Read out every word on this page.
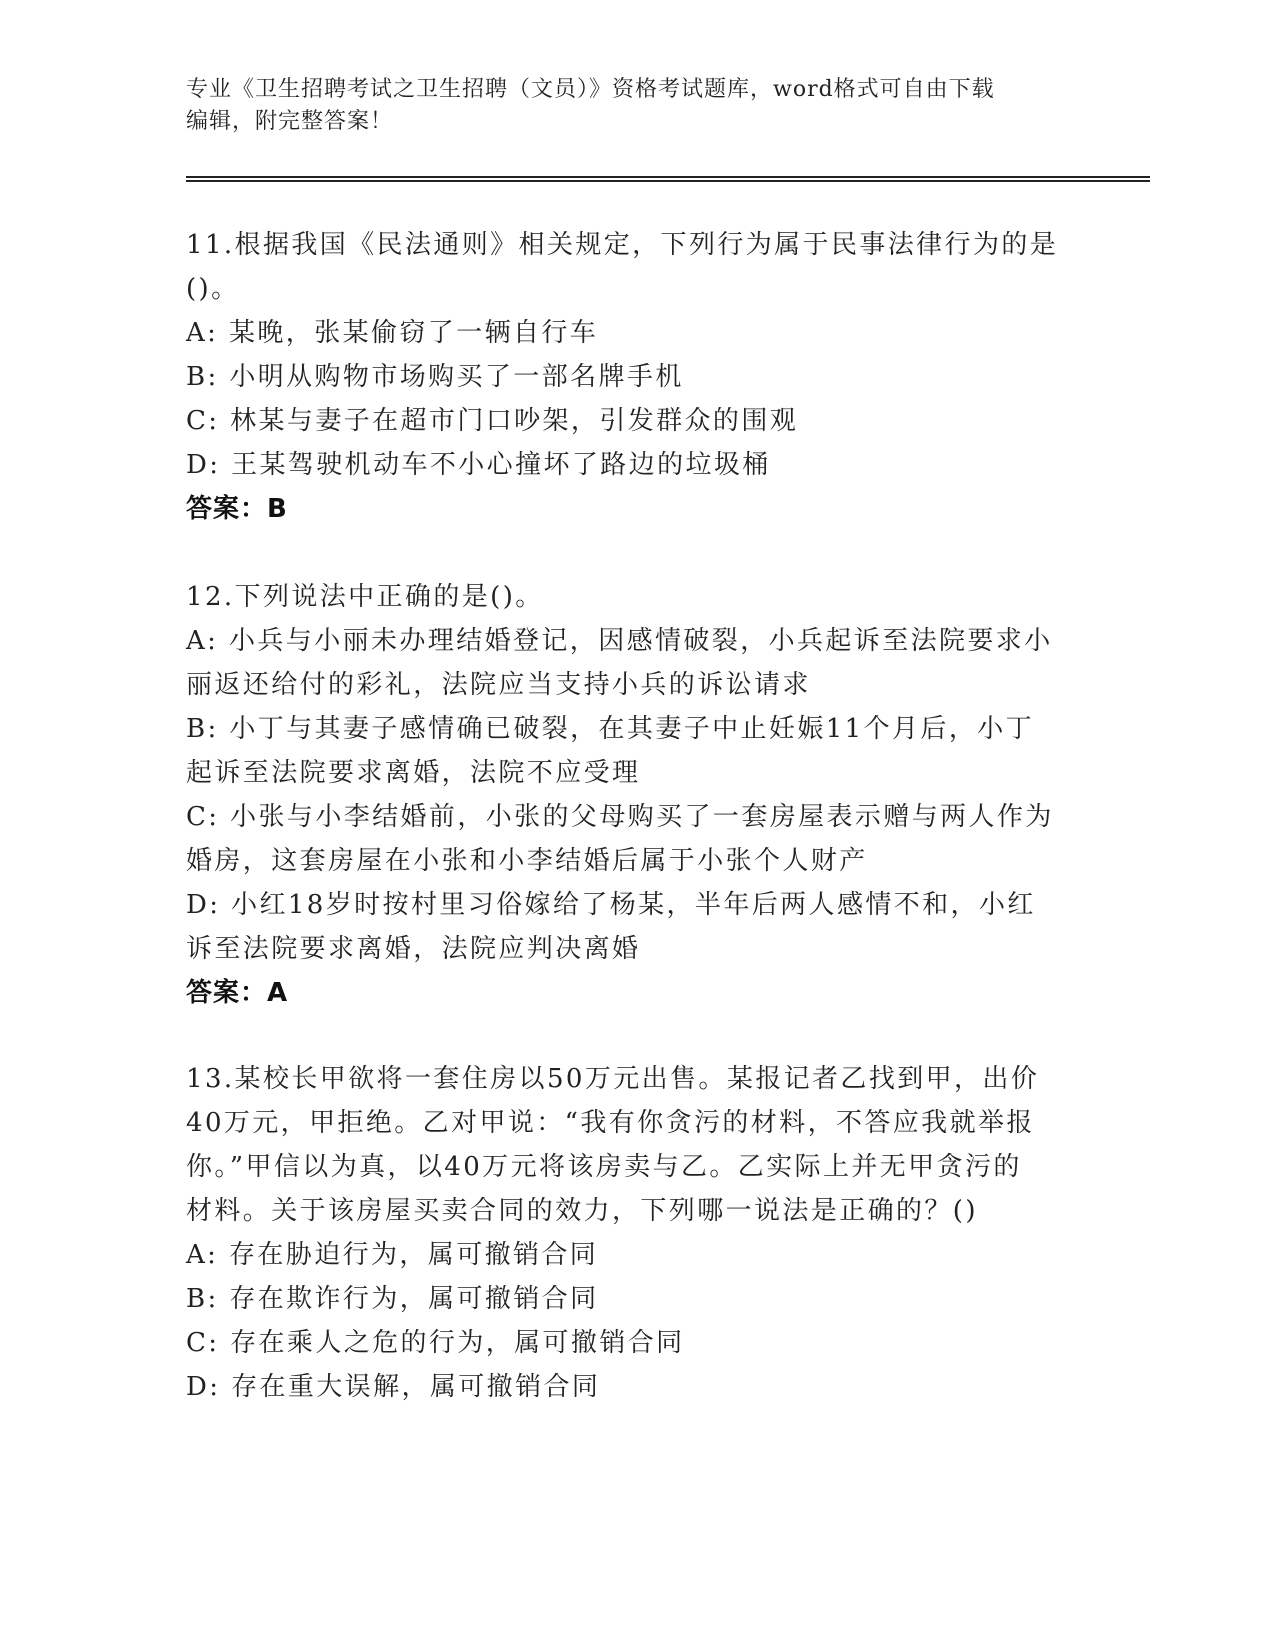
专业《卫生招聘考试之卫生招聘（文员）》资格考试题库，word格式可自由下载
编辑，附完整答案！
11.根据我国《民法通则》相关规定，下列行为属于民事法律行为的是
()。
A: 某晚，张某偷窃了一辆自行车
B: 小明从购物市场购买了一部名牌手机
C: 林某与妻子在超市门口吵架，引发群众的围观
D: 王某驾驶机动车不小心撞坏了路边的垃圾桶
答案：B
12.下列说法中正确的是()。
A: 小兵与小丽未办理结婚登记，因感情破裂，小兵起诉至法院要求小
丽返还给付的彩礼，法院应当支持小兵的诉讼请求
B: 小丁与其妻子感情确已破裂，在其妻子中止妊娠11个月后，小丁
起诉至法院要求离婚，法院不应受理
C: 小张与小李结婚前，小张的父母购买了一套房屋表示赠与两人作为
婚房，这套房屋在小张和小李结婚后属于小张个人财产
D: 小红18岁时按村里习俗嫁给了杨某，半年后两人感情不和，小红
诉至法院要求离婚，法院应判决离婚
答案：A
13.某校长甲欲将一套住房以50万元出售。某报记者乙找到甲，出价
40万元，甲拒绝。乙对甲说：“我有你贪污的材料，不答应我就举报
你。”甲信以为真，以40万元将该房卖与乙。乙实际上并无甲贪污的
材料。关于该房屋买卖合同的效力，下列哪一说法是正确的？()
A: 存在胁迫行为，属可撤销合同
B: 存在欺诈行为，属可撤销合同
C: 存在乘人之危的行为，属可撤销合同
D: 存在重大误解，属可撤销合同
